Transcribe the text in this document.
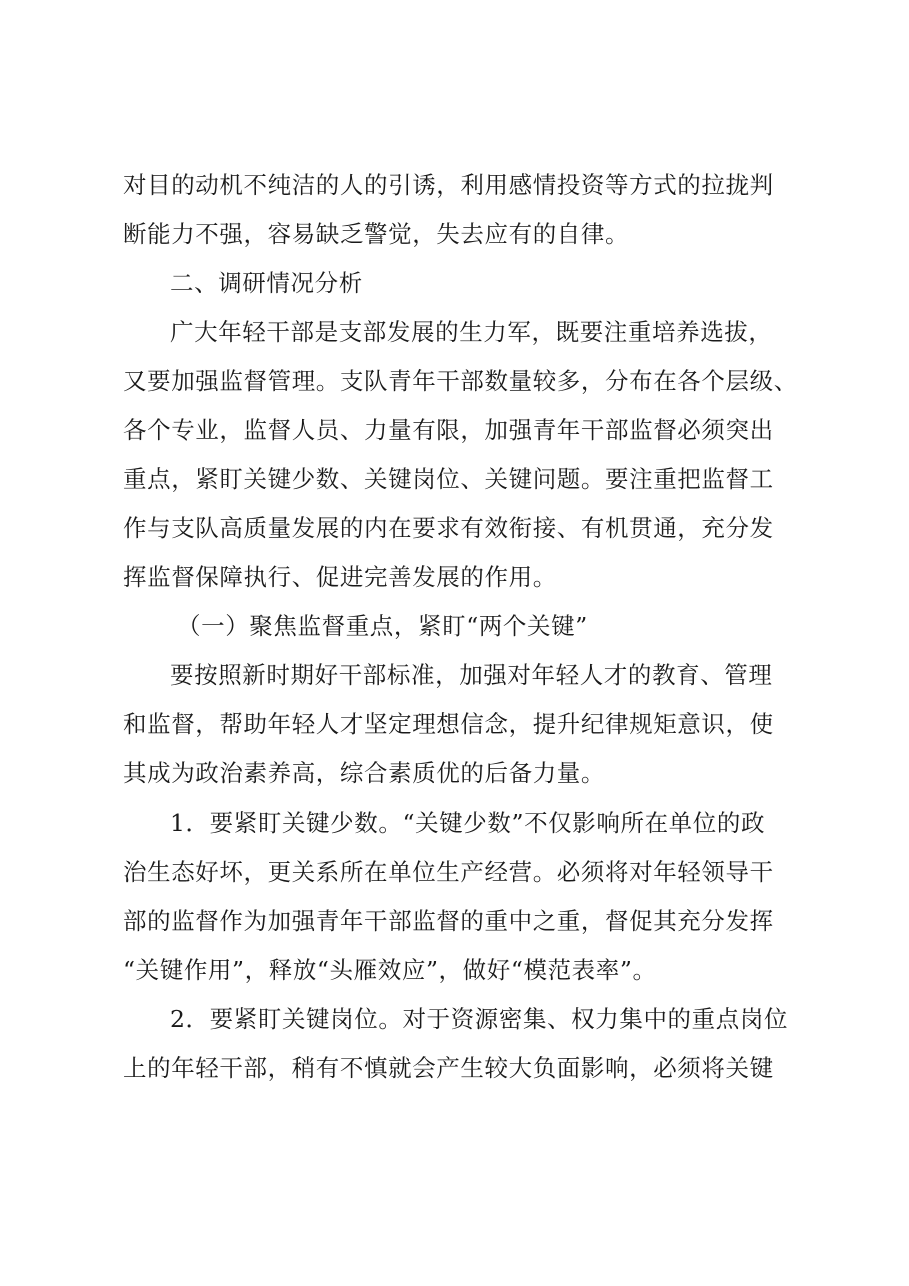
对目的动机不纯洁的人的引诱，利用感情投资等方式的拉拢判
断能力不强，容易缺乏警觉，失去应有的自律。
二、调研情况分析
广大年轻干部是支部发展的生力军，既要注重培养选拔，
又要加强监督管理。支队青年干部数量较多，分布在各个层级、
各个专业，监督人员、力量有限，加强青年干部监督必须突出
重点，紧盯关键少数、关键岗位、关键问题。要注重把监督工
作与支队高质量发展的内在要求有效衔接、有机贯通，充分发
挥监督保障执行、促进完善发展的作用。
（一）聚焦监督重点，紧盯“两个关键”
要按照新时期好干部标准，加强对年轻人才的教育、管理
和监督，帮助年轻人才坚定理想信念，提升纪律规矩意识，使
其成为政治素养高，综合素质优的后备力量。
1．要紧盯关键少数。“关键少数”不仅影响所在单位的政
治生态好坏，更关系所在单位生产经营。必须将对年轻领导干
部的监督作为加强青年干部监督的重中之重，督促其充分发挥
“关键作用”，释放“头雁效应”，做好“模范表率”。
2．要紧盯关键岗位。对于资源密集、权力集中的重点岗位
上的年轻干部，稍有不慎就会产生较大负面影响，必须将关键
